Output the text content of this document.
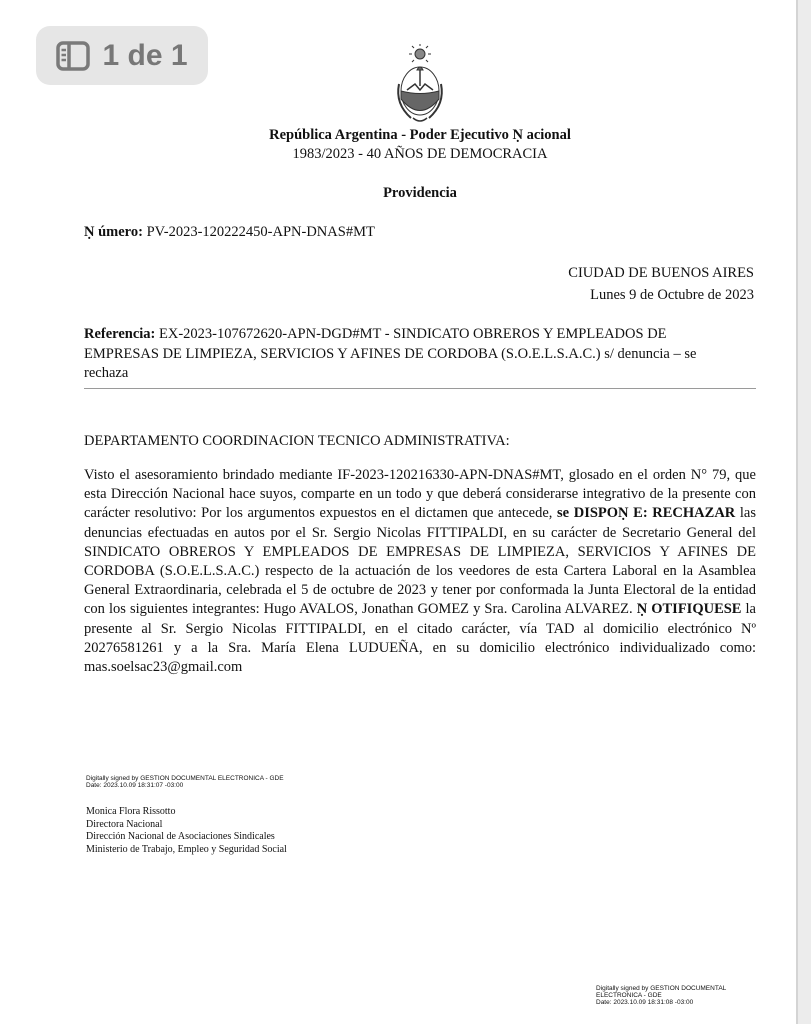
1 de 1
República Argentina - Poder Ejecutivo Ṇ acional
1983/2023 - 40 AÑOS DE DEMOCRACIA
Providencia
Ṇ úmero: PV-2023-120222450-APN-DNAS#MT
CIUDAD DE BUENOS AIRES
Lunes 9 de Octubre de 2023
Referencia: EX-2023-107672620-APN-DGD#MT - SINDICATO OBREROS Y EMPLEADOS DE EMPRESAS DE LIMPIEZA, SERVICIOS Y AFINES DE CORDOBA (S.O.E.L.S.A.C.) s/ denuncia – se rechaza
DEPARTAMENTO COORDINACION TECNICO ADMINISTRATIVA:
Visto el asesoramiento brindado mediante IF-2023-120216330-APN-DNAS#MT, glosado en el orden N° 79, que esta Dirección Nacional hace suyos, comparte en un todo y que deberá considerarse integrativo de la presente con carácter resolutivo: Por los argumentos expuestos en el dictamen que antecede, se DISPOṆ E: RECHAZAR las denuncias efectuadas en autos por el Sr. Sergio Nicolas FITTIPALDI, en su carácter de Secretario General del SINDICATO OBREROS Y EMPLEADOS DE EMPRESAS DE LIMPIEZA, SERVICIOS Y AFINES DE CORDOBA (S.O.E.L.S.A.C.) respecto de la actuación de los veedores de esta Cartera Laboral en la Asamblea General Extraordinaria, celebrada el 5 de octubre de 2023 y tener por conformada la Junta Electoral de la entidad con los siguientes integrantes: Hugo AVALOS, Jonathan GOMEZ y Sra. Carolina ALVAREZ. Ṇ OTIFIQUESE la presente al Sr. Sergio Nicolas FITTIPALDI, en el citado carácter, vía TAD al domicilio electrónico Nº 20276581261 y a la Sra. María Elena LUDUEÑA, en su domicilio electrónico individualizado como: mas.soelsac23@gmail.com
Digitally signed by GESTION DOCUMENTAL ELECTRONICA - GDE
Date: 2023.10.09 18:31:07 -03:00
Monica Flora Rissotto
Directora Nacional
Dirección Nacional de Asociaciones Sindicales
Ministerio de Trabajo, Empleo y Seguridad Social
Digitally signed by GESTION DOCUMENTAL
ELECTRONICA - GDE
Date: 2023.10.09 18:31:08 -03:00
